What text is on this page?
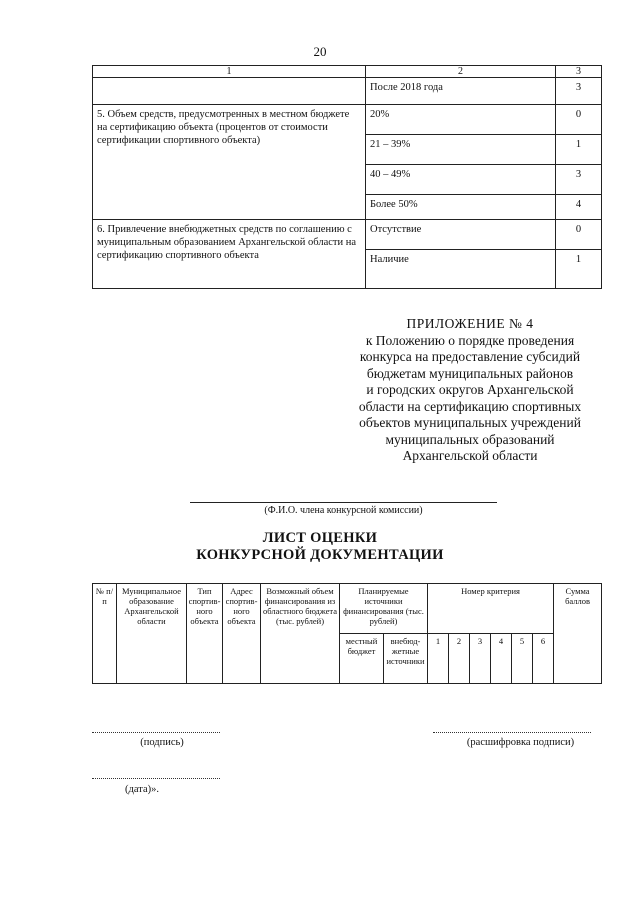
20
1	2	3
	После 2018 года	3
5. Объем средств, предусмотренных в местном бюджете на сертификацию объекта (процентов от стоимости сертификации спортивного объекта)	20%	0
	21 – 39%	1
	40 – 49%	3
	Более 50%	4
6. Привлечение внебюджетных средств по соглашению с муниципальным образованием Архангельской области на сертификацию спортивного объекта	Отсутствие	0
	Наличие	1
ПРИЛОЖЕНИЕ № 4
к Положению о порядке проведения
конкурса на предоставление субсидий
бюджетам муниципальных районов
и городских округов Архангельской
области на сертификацию спортивных
объектов муниципальных учреждений
муниципальных образований
Архангельской области
(Ф.И.О. члена конкурсной комиссии)
ЛИСТ ОЦЕНКИ
КОНКУРСНОЙ ДОКУМЕНТАЦИИ
№ п/п	Муниципальное образование Архангельской области	Тип спортив-ного объекта	Адрес спортив-ного объекта	Возможный объем финансирования из областного бюджета (тыс. рублей)	Планируемые источники финансирования (тыс. рублей)		Номер критерия						Сумма баллов
					местный бюджет	внебюд-жетные источники	1	2	3	4	5	6	
(подпись)	(расшифровка подписи)
(дата)».
